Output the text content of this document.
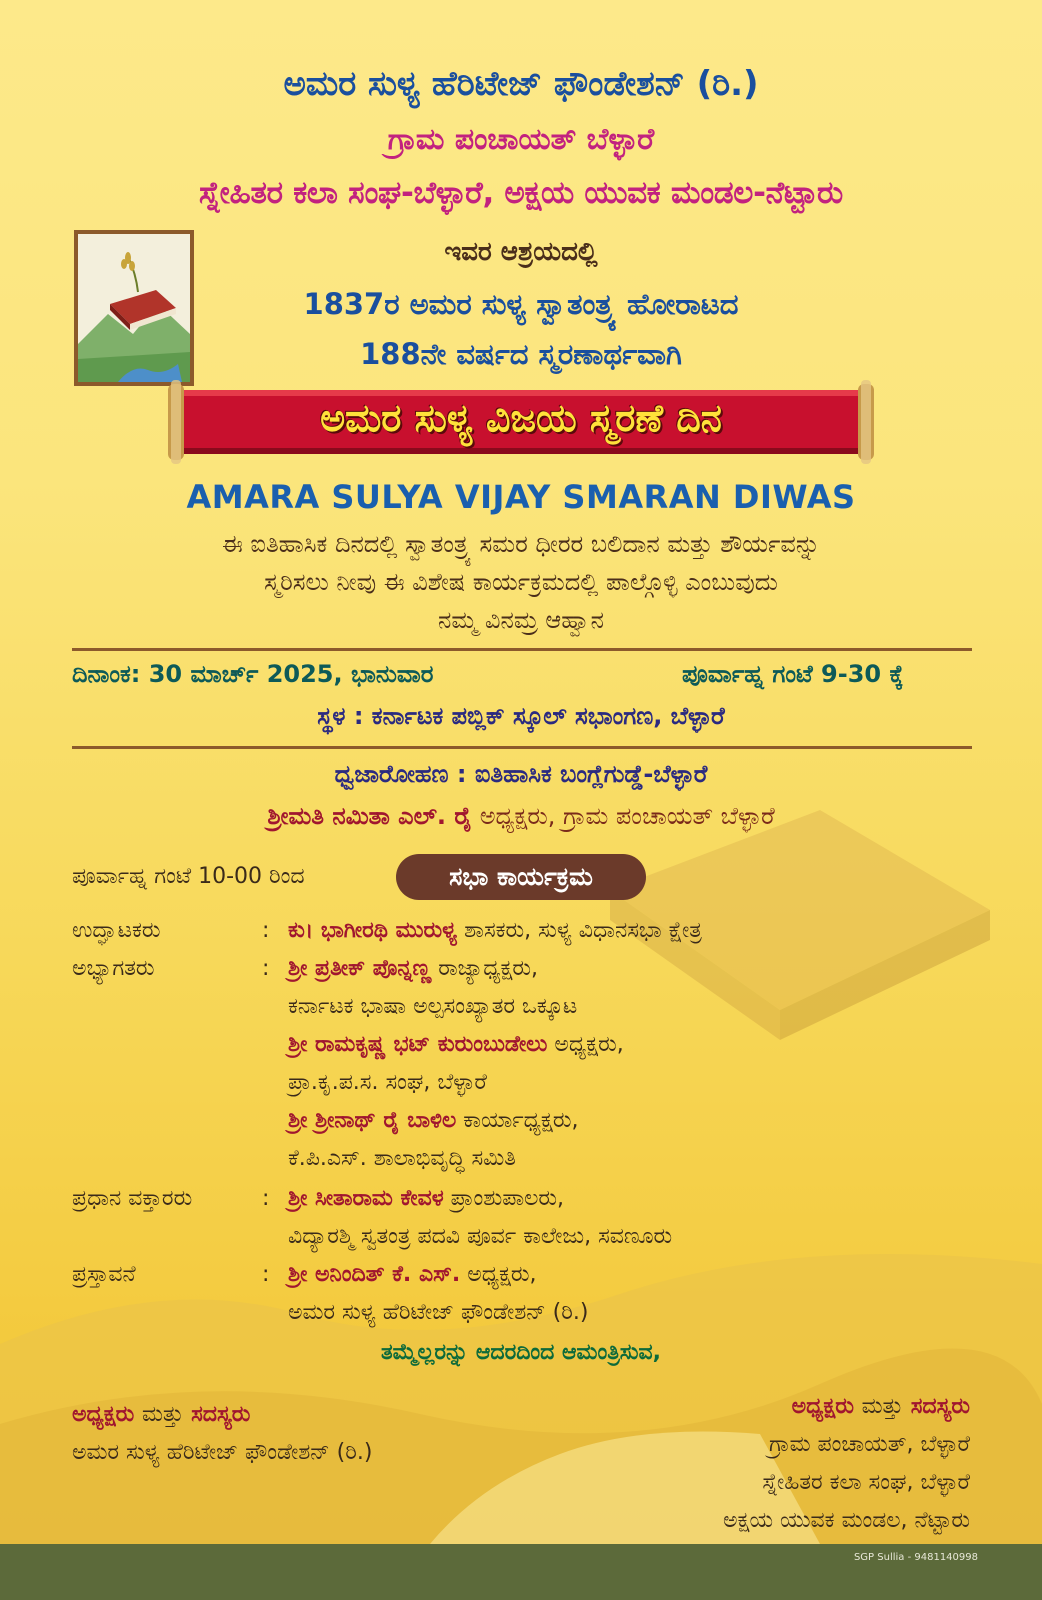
ಅಮರ ಸುಳ್ಯ ಹೆರಿಟೇಜ್ ಫೌಂಡೇಶನ್ (ರಿ.)
ಗ್ರಾಮ ಪಂಚಾಯತ್ ಬೆಳ್ಳಾರೆ
ಸ್ನೇಹಿತರ ಕಲಾ ಸಂಘ-ಬೆಳ್ಳಾರೆ, ಅಕ್ಷಯ ಯುವಕ ಮಂಡಲ-ನೆಟ್ಟಾರು
ಇವರ ಆಶ್ರಯದಲ್ಲಿ
1837ರ ಅಮರ ಸುಳ್ಯ ಸ್ವಾತಂತ್ರ್ಯ ಹೋರಾಟದ
188ನೇ ವರ್ಷದ ಸ್ಮರಣಾರ್ಥವಾಗಿ
ಅಮರ ಸುಳ್ಯ ವಿಜಯ ಸ್ಮರಣೆ ದಿನ
AMARA SULYA VIJAY SMARAN DIWAS
ಈ ಐತಿಹಾಸಿಕ ದಿನದಲ್ಲಿ ಸ್ವಾತಂತ್ರ್ಯ ಸಮರ ಧೀರರ ಬಲಿದಾನ ಮತ್ತು ಶೌರ್ಯವನ್ನು
ಸ್ಮರಿಸಲು ನೀವು ಈ ವಿಶೇಷ ಕಾರ್ಯಕ್ರಮದಲ್ಲಿ ಪಾಲ್ಗೊಳ್ಳಿ ಎಂಬುವುದು
ನಮ್ಮ ವಿನಮ್ರ ಆಹ್ವಾನ
ದಿನಾಂಕ: 30 ಮಾರ್ಚ್ 2025, ಭಾನುವಾರ	ಪೂರ್ವಾಹ್ನ ಗಂಟೆ 9-30 ಕ್ಕೆ
ಸ್ಥಳ : ಕರ್ನಾಟಕ ಪಬ್ಲಿಕ್ ಸ್ಕೂಲ್ ಸಭಾಂಗಣ, ಬೆಳ್ಳಾರೆ
ಧ್ವಜಾರೋಹಣ : ಐತಿಹಾಸಿಕ ಬಂಗ್ಲೆಗುಡ್ಡೆ-ಬೆಳ್ಳಾರೆ
ಶ್ರೀಮತಿ ನಮಿತಾ ಎಲ್. ರೈ ಅಧ್ಯಕ್ಷರು, ಗ್ರಾಮ ಪಂಚಾಯತ್ ಬೆಳ್ಳಾರೆ
ಪೂರ್ವಾಹ್ನ ಗಂಟೆ 10-00 ರಿಂದ	ಸಭಾ ಕಾರ್ಯಕ್ರಮ
ಉದ್ಘಾಟಕರು	: ಕು। ಭಾಗೀರಥಿ ಮುರುಳ್ಯ ಶಾಸಕರು, ಸುಳ್ಯ ವಿಧಾನಸಭಾ ಕ್ಷೇತ್ರ
ಅಭ್ಯಾಗತರು	: ಶ್ರೀ ಪ್ರತೀಕ್ ಪೊನ್ನಣ್ಣ ರಾಜ್ಯಾಧ್ಯಕ್ಷರು,
ಕರ್ನಾಟಕ ಭಾಷಾ ಅಲ್ಪಸಂಖ್ಯಾತರ ಒಕ್ಕೂಟ
ಶ್ರೀ ರಾಮಕೃಷ್ಣ ಭಟ್ ಕುರುಂಬುಡೇಲು ಅಧ್ಯಕ್ಷರು,
ಪ್ರಾ.ಕೃ.ಪ.ಸ. ಸಂಘ, ಬೆಳ್ಳಾರೆ
ಶ್ರೀ ಶ್ರೀನಾಥ್ ರೈ ಬಾಳಿಲ ಕಾರ್ಯಾಧ್ಯಕ್ಷರು,
ಕೆ.ಪಿ.ಎಸ್. ಶಾಲಾಭಿವೃದ್ಧಿ ಸಮಿತಿ
ಪ್ರಧಾನ ವಕ್ತಾರರು	: ಶ್ರೀ ಸೀತಾರಾಮ ಕೇವಳ ಪ್ರಾಂಶುಪಾಲರು,
ವಿದ್ಯಾರಶ್ಮಿ ಸ್ವತಂತ್ರ ಪದವಿ ಪೂರ್ವ ಕಾಲೇಜು, ಸವಣೂರು
ಪ್ರಸ್ತಾವನೆ	: ಶ್ರೀ ಅನಿಂದಿತ್ ಕೆ. ಎಸ್. ಅಧ್ಯಕ್ಷರು,
ಅಮರ ಸುಳ್ಯ ಹೆರಿಟೇಜ್ ಫೌಂಡೇಶನ್ (ರಿ.)
ತಮ್ಮೆಲ್ಲರನ್ನು ಆದರದಿಂದ ಆಮಂತ್ರಿಸುವ,
ಅಧ್ಯಕ್ಷರು ಮತ್ತು ಸದಸ್ಯರು
ಅಮರ ಸುಳ್ಯ ಹೆರಿಟೇಜ್ ಫೌಂಡೇಶನ್ (ರಿ.)
ಅಧ್ಯಕ್ಷರು ಮತ್ತು ಸದಸ್ಯರು
ಗ್ರಾಮ ಪಂಚಾಯತ್, ಬೆಳ್ಳಾರೆ
ಸ್ನೇಹಿತರ ಕಲಾ ಸಂಘ, ಬೆಳ್ಳಾರೆ
ಅಕ್ಷಯ ಯುವಕ ಮಂಡಲ, ನೆಟ್ಟಾರು
SGP Sullia - 9481140998
